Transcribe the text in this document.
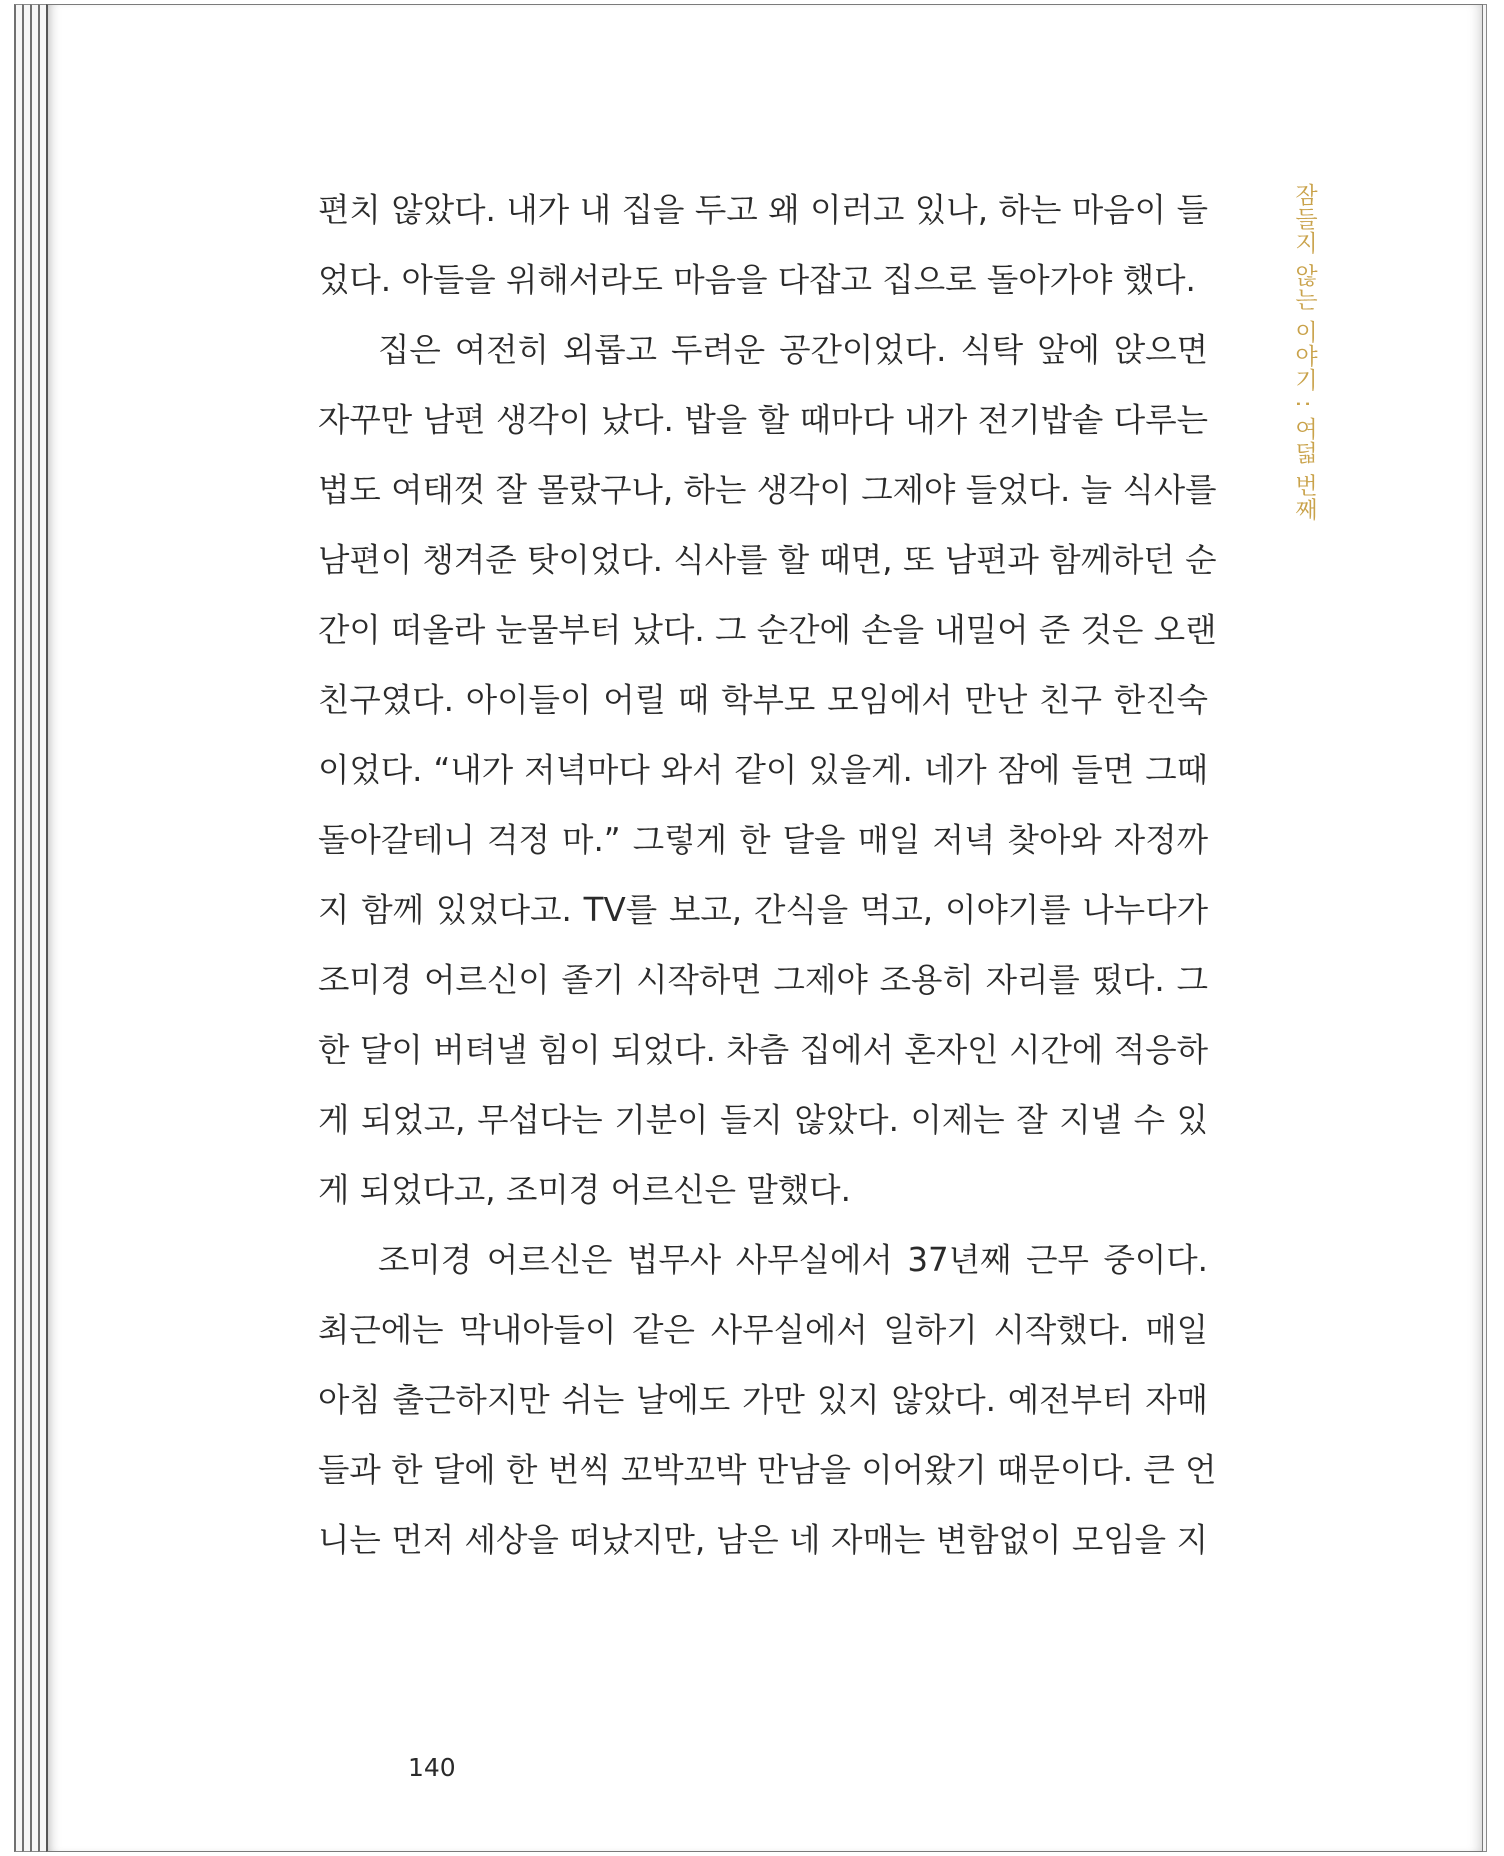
편치 않았다. 내가 내 집을 두고 왜 이러고 있나, 하는 마음이 들
었다. 아들을 위해서라도 마음을 다잡고 집으로 돌아가야 했다.
집은 여전히 외롭고 두려운 공간이었다. 식탁 앞에 앉으면
자꾸만 남편 생각이 났다. 밥을 할 때마다 내가 전기밥솥 다루는
법도 여태껏 잘 몰랐구나, 하는 생각이 그제야 들었다. 늘 식사를
남편이 챙겨준 탓이었다. 식사를 할 때면, 또 남편과 함께하던 순
간이 떠올라 눈물부터 났다. 그 순간에 손을 내밀어 준 것은 오랜
친구였다. 아이들이 어릴 때 학부모 모임에서 만난 친구 한진숙
이었다. “내가 저녁마다 와서 같이 있을게. 네가 잠에 들면 그때
돌아갈테니 걱정 마.” 그렇게 한 달을 매일 저녁 찾아와 자정까
지 함께 있었다고. TV를 보고, 간식을 먹고, 이야기를 나누다가
조미경 어르신이 졸기 시작하면 그제야 조용히 자리를 떴다. 그
한 달이 버텨낼 힘이 되었다. 차츰 집에서 혼자인 시간에 적응하
게 되었고, 무섭다는 기분이 들지 않았다. 이제는 잘 지낼 수 있
게 되었다고, 조미경 어르신은 말했다.
조미경 어르신은 법무사 사무실에서 37년째 근무 중이다.
최근에는 막내아들이 같은 사무실에서 일하기 시작했다. 매일
아침 출근하지만 쉬는 날에도 가만 있지 않았다. 예전부터 자매
들과 한 달에 한 번씩 꼬박꼬박 만남을 이어왔기 때문이다. 큰 언
니는 먼저 세상을 떠났지만, 남은 네 자매는 변함없이 모임을 지
잠들지 않는 이야기 : 여덟 번째
140
